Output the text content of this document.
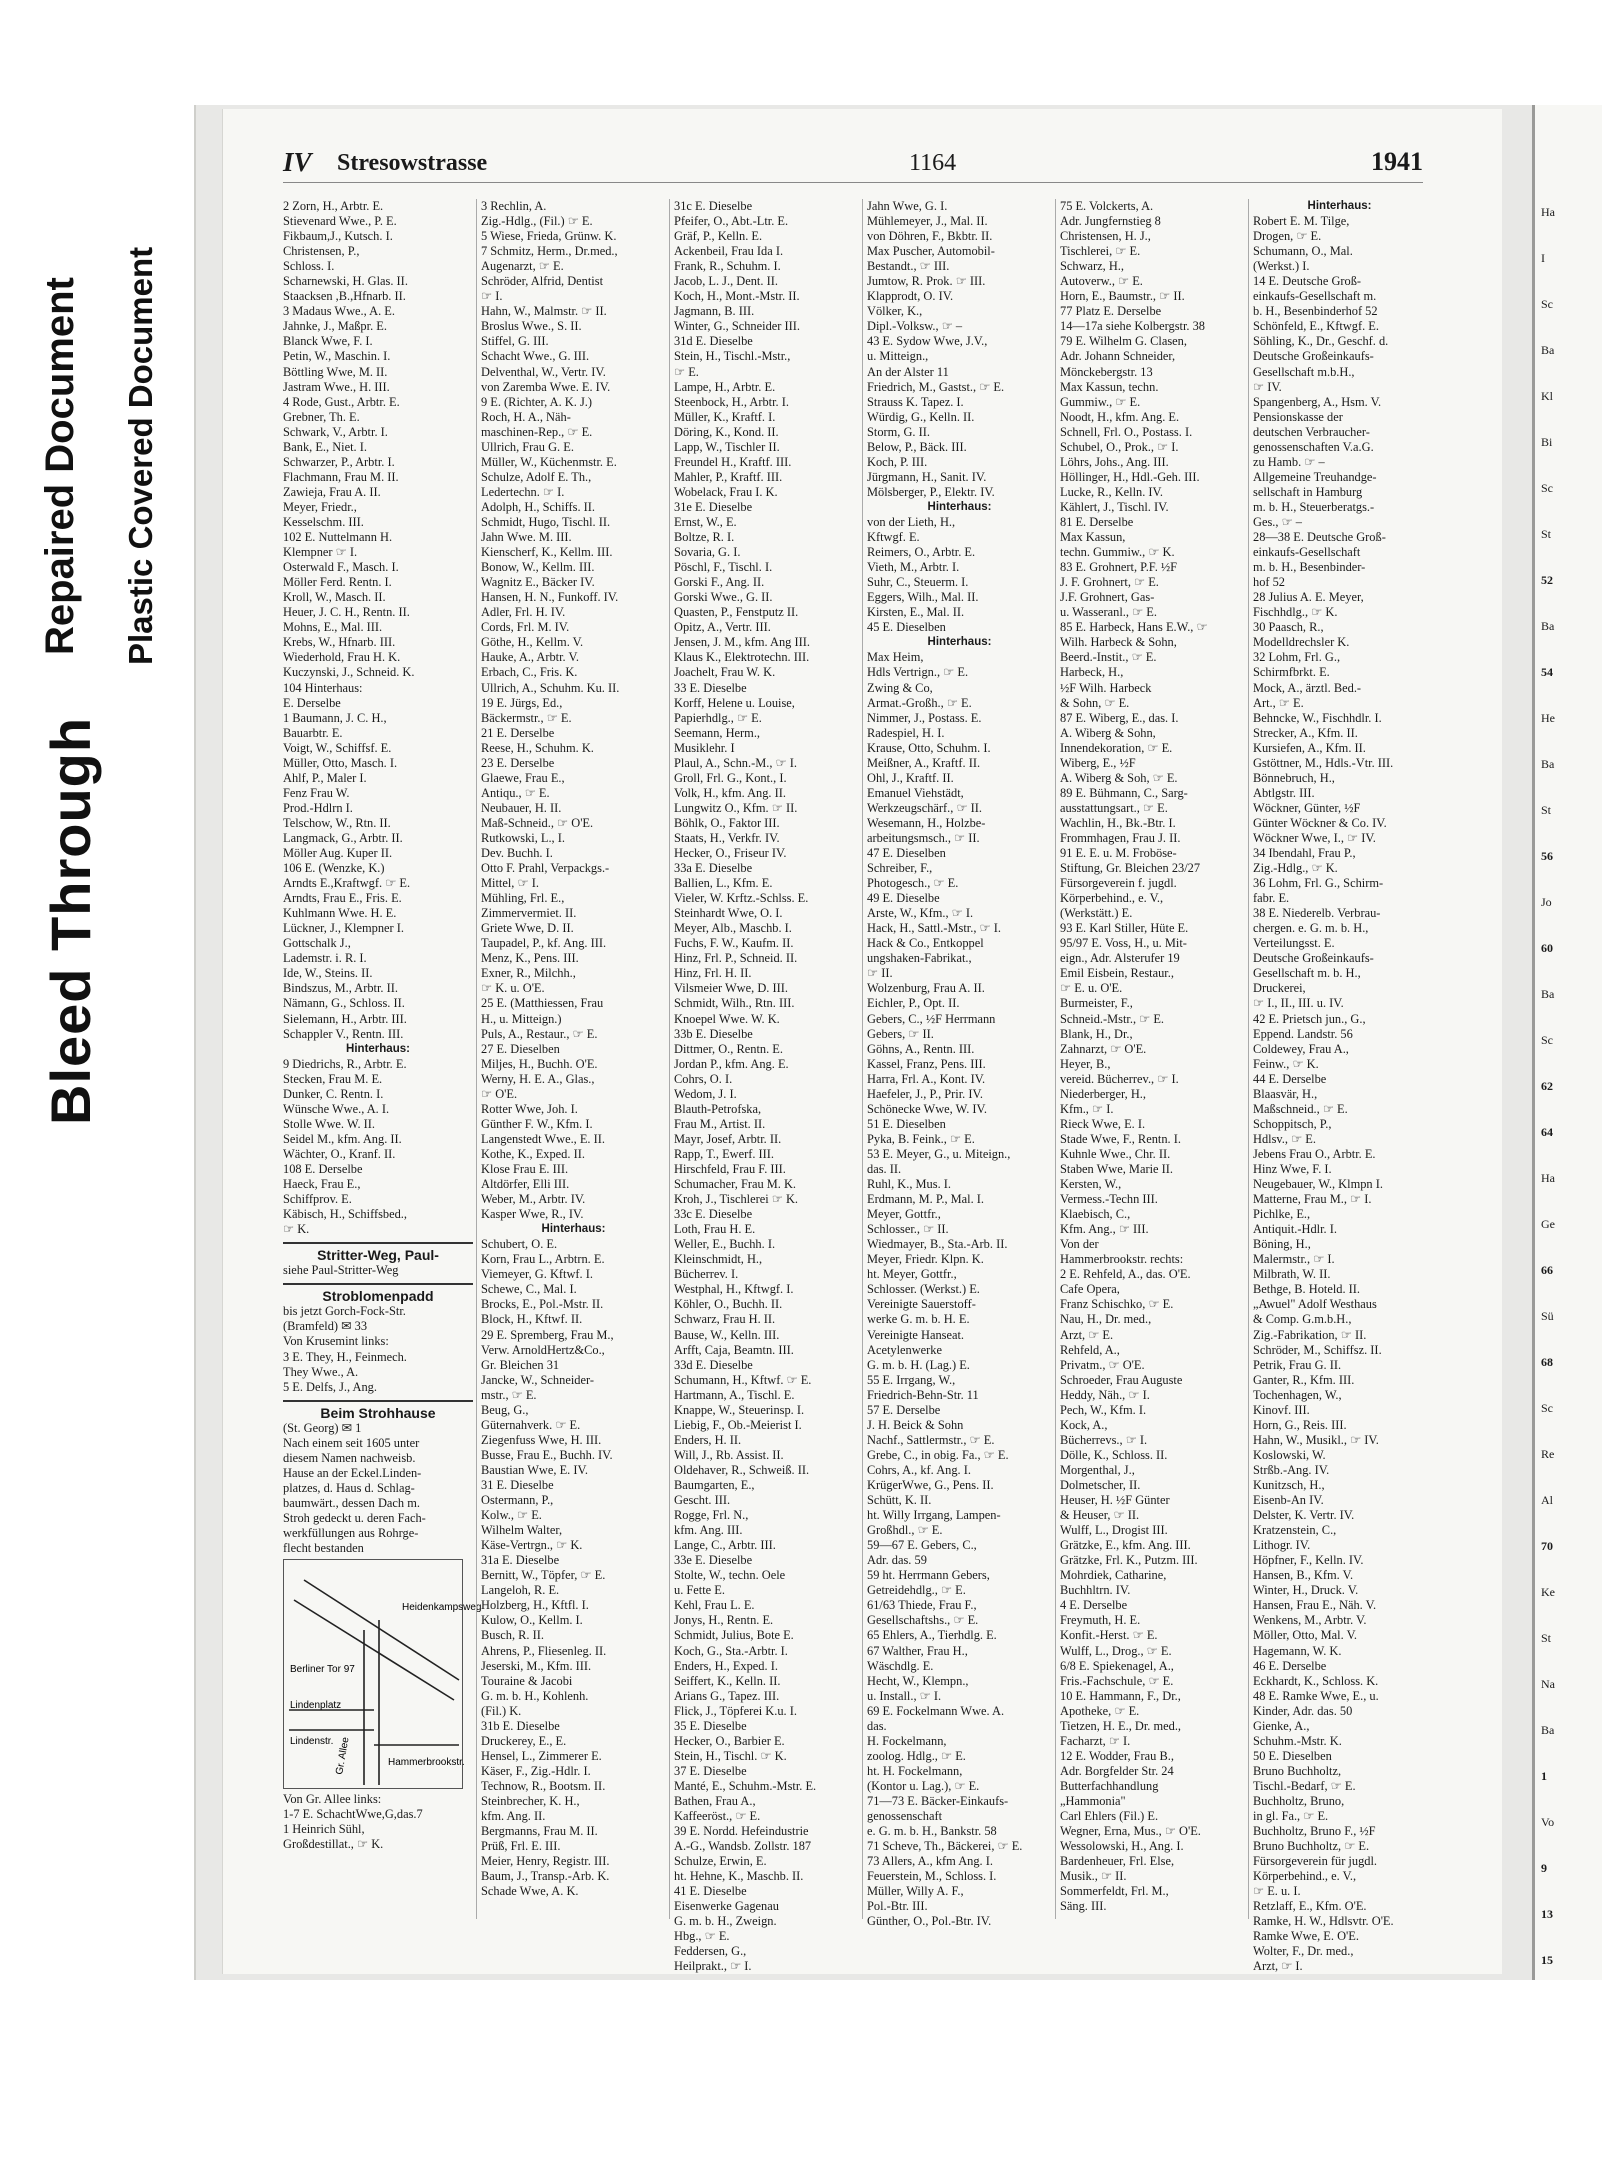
Bleed Through
Repaired Document Plastic Covered Document
IV Stresowstrasse	1164	1941
2 Zorn, H., Arbtr. E.
Stievenard Wwe., P. E.
Fikbaum,J., Kutsch. I.
Christensen, P.,
Schloss. I.
Scharnewski, H. Glas. II.
Staacksen ,B.,Hfnarb. II.
3 Madaus Wwe., A. E.
Jahnke, J., Maßpr. E.
Blanck Wwe, F. I.
Petin, W., Maschin. I.
Böttling Wwe, M. II.
Jastram Wwe., H. III.
4 Rode, Gust., Arbtr. E.
Grebner, Th. E.
Schwark, V., Arbtr. I.
Bank, E., Niet. I.
Schwarzer, P., Arbtr. I.
Flachmann, Frau M. II.
Zawieja, Frau A. II.
Meyer, Friedr.,
Kesselschm. III.
102 E. Nuttelmann H.
Klempner ☞ I.
Osterwald F., Masch. I.
Möller Ferd. Rentn. I.
Kroll, W., Masch. II.
Heuer, J. C. H., Rentn. II.
Mohns, E., Mal. III.
Krebs, W., Hfnarb. III.
Wiederhold, Frau H. K.
Kuczynski, J., Schneid. K.
104 Hinterhaus:
E. Derselbe
1 Baumann, J. C. H.,
Bauarbtr. E.
Voigt, W., Schiffsf. E.
Müller, Otto, Masch. I.
Ahlf, P., Maler I.
Fenz Frau W.
Prod.-Hdlrn I.
Telschow, W., Rtn. II.
Langmack, G., Arbtr. II.
Möller Aug. Kuper II.
106 E. (Wenzke, K.)
Arndts E.,Kraftwgf. ☞ E.
Arndts, Frau E., Fris. E.
Kuhlmann Wwe. H. E.
Lückner, J., Klempner I.
Gottschalk J.,
Lademstr. i. R. I.
Ide, W., Steins. II.
Bindszus, M., Arbtr. II.
Nämann, G., Schloss. II.
Sielemann, H., Arbtr. III.
Schappler V., Rentn. III.
Hinterhaus:
9 Diedrichs, R., Arbtr. E.
Stecken, Frau M. E.
Dunker, C. Rentn. I.
Wünsche Wwe., A. I.
Stolle Wwe. W. II.
Seidel M., kfm. Ang. II.
Wächter, O., Kranf. II.
108 E. Derselbe
Haeck, Frau E.,
Schiffprov. E.
Käbisch, H., Schiffsbed.,
☞ K.
Stritter-Weg, Paul-
siehe Paul-Stritter-Weg
Stroblomenpadd
bis jetzt Gorch-Fock-Str.
(Bramfeld) ✉ 33
Von Krusemint links:
3 E. They, H., Feinmech.
They Wwe., A.
5 E. Delfs, J., Ang.
Beim Strohhause
(St. Georg) ✉ 1
Nach einem seit 1605 unter
diesem Namen nachweisb.
Hause an der Eckel.Linden-
platzes, d. Haus d. Schlag-
baumwärt., dessen Dach m.
Stroh gedeckt u. deren Fach-
werkfüllungen aus Rohrge-
flecht bestanden
Lindenplatz
Lindenstr. Gr. Allee
Berliner Tor 97
Heidenkampsweg
Hammerbrookstr.
Von Gr. Allee links:
1-7 E. SchachtWwe,G,das.7
1 Heinrich Sühl,
Großdestillat., ☞ K.
3 Rechlin, A.
Zig.-Hdlg., (Fil.) ☞ E.
5 Wiese, Frieda, Grünw. K.
7 Schmitz, Herm., Dr.med.,
Augenarzt, ☞ E.
Schröder, Alfrid, Dentist
☞ I.
Hahn, W., Malmstr. ☞ II.
Broslus Wwe., S. II.
Stiffel, G. III.
Schacht Wwe., G. III.
Delventhal, W., Vertr. IV.
von Zaremba Wwe. E. IV.
9 E. (Richter, A. K. J.)
Roch, H. A., Näh-
maschinen-Rep., ☞ E.
Ullrich, Frau G. E.
Müller, W., Küchenmstr. E.
Schulze, Adolf E. Th.,
Ledertechn. ☞ I.
Adolph, H., Schiffs. II.
Schmidt, Hugo, Tischl. II.
Jahn Wwe. M. III.
Kienscherf, K., Kellm. III.
Bonow, W., Kellm. III.
Wagnitz E., Bäcker IV.
Hansen, H. N., Funkoff. IV.
Adler, Frl. H. IV.
Cords, Frl. M. IV.
Göthe, H., Kellm. V.
Hauke, A., Arbtr. V.
Erbach, C., Fris. K.
Ullrich, A., Schuhm. Ku. II.
19 E. Jürgs, Ed.,
Bäckermstr., ☞ E.
21 E. Derselbe
Reese, H., Schuhm. K.
23 E. Derselbe
Glaewe, Frau E.,
Antiqu., ☞ E.
Neubauer, H. II.
Maß-Schneid., ☞ O'E.
Rutkowski, L., I.
Dev. Buchh. I.
Otto F. Prahl, Verpackgs.-
Mittel, ☞ I.
Mühling, Frl. E.,
Zimmervermiet. II.
Griete Wwe, D. II.
Taupadel, P., kf. Ang. III.
Menz, K., Pens. III.
Exner, R., Milchh.,
☞ K. u. O'E.
25 E. (Matthiessen, Frau
H., u. Mitteign.)
Puls, A., Restaur., ☞ E.
27 E. Dieselben
Miljes, H., Buchh. O'E.
Werny, H. E. A., Glas.,
☞ O'E.
Rotter Wwe, Joh. I.
Günther F. W., Kfm. I.
Langenstedt Wwe., E. II.
Kothe, K., Exped. II.
Klose Frau E. III.
Altdörfer, Elli III.
Weber, M., Arbtr. IV.
Kasper Wwe, R., IV.
Hinterhaus:
Schubert, O. E.
Korn, Frau L., Arbtrn. E.
Viemeyer, G. Kftwf. I.
Schewe, C., Mal. I.
Brocks, E., Pol.-Mstr. II.
Block, H., Kftwf. II.
29 E. Spremberg, Frau M.,
Verw. ArnoldHertz&Co.,
Gr. Bleichen 31
Jancke, W., Schneider-
mstr., ☞ E.
Beug, G.,
Güternahverk. ☞ E.
Ziegenfuss Wwe, H. III.
Busse, Frau E., Buchh. IV.
Baustian Wwe, E. IV.
31 E. Dieselbe
Ostermann, P.,
Kolw., ☞ E.
Wilhelm Walter,
Käse-Vertrgn., ☞ K.
31a E. Dieselbe
Bernitt, W., Töpfer, ☞ E.
Langeloh, R. E.
Holzberg, H., Kftfl. I.
Kulow, O., Kellm. I.
Busch, R. II.
Ahrens, P., Fliesenleg. II.
Jeserski, M., Kfm. III.
Touraine & Jacobi
G. m. b. H., Kohlenh.
(Fil.) K.
31b E. Dieselbe
Druckerey, E., E.
Hensel, L., Zimmerer E.
Käser, F., Zig.-Hdlr. I.
Technow, R., Bootsm. II.
Steinbrecher, K. H.,
kfm. Ang. II.
Bergmanns, Frau M. II.
Prüß, Frl. E. III.
Meier, Henry, Registr. III.
Baum, J., Transp.-Arb. K.
Schade Wwe, A. K.
31c E. Dieselbe
Pfeifer, O., Abt.-Ltr. E.
Gräf, P., Kelln. E.
Ackenbeil, Frau Ida I.
Frank, R., Schuhm. I.
Jacob, L. J., Dent. II.
Koch, H., Mont.-Mstr. II.
Jagmann, B. III.
Winter, G., Schneider III.
31d E. Dieselbe
Stein, H., Tischl.-Mstr.,
☞ E.
Lampe, H., Arbtr. E.
Steenbock, H., Arbtr. I.
Müller, K., Kraftf. I.
Döring, K., Kond. II.
Lapp, W., Tischler II.
Freundel H., Kraftf. III.
Mahler, P., Kraftf. III.
Wobelack, Frau I. K.
31e E. Dieselbe
Ernst, W., E.
Boltze, R. I.
Sovaria, G. I.
Pöschl, F., Tischl. I.
Gorski F., Ang. II.
Gorski Wwe., G. II.
Quasten, P., Fenstputz II.
Opitz, A., Vertr. III.
Jensen, J. M., kfm. Ang III.
Klaus K., Elektrotechn. III.
Joachelt, Frau W. K.
33 E. Dieselbe
Korff, Helene u. Louise,
Papierhdlg., ☞ E.
Seemann, Herm.,
Musiklehr. I
Plaul, A., Schn.-M., ☞ I.
Groll, Frl. G., Kont., I.
Volk, H., kfm. Ang. II.
Lungwitz O., Kfm. ☞ II.
Böhlk, O., Faktor III.
Staats, H., Verkfr. IV.
Hecker, O., Friseur IV.
33a E. Dieselbe
Ballien, L., Kfm. E.
Vieler, W. Krftz.-Schlss. E.
Steinhardt Wwe, O. I.
Meyer, Alb., Maschb. I.
Fuchs, F. W., Kaufm. II.
Hinz, Frl. P., Schneid. II.
Hinz, Frl. H. II.
Vilsmeier Wwe, D. III.
Schmidt, Wilh., Rtn. III.
Knoepel Wwe. W. K.
33b E. Dieselbe
Dittmer, O., Rentn. E.
Jordan P., kfm. Ang. E.
Cohrs, O. I.
Wedom, J. I.
Blauth-Petrofska,
Frau M., Artist. II.
Mayr, Josef, Arbtr. II.
Rapp, T., Ewerf. III.
Hirschfeld, Frau F. III.
Schumacher, Frau M. K.
Kroh, J., Tischlerei ☞ K.
33c E. Dieselbe
Loth, Frau H. E.
Weller, E., Buchh. I.
Kleinschmidt, H.,
Bücherrev. I.
Westphal, H., Kftwgf. I.
Köhler, O., Buchh. II.
Schwarz, Frau H. II.
Bause, W., Kelln. III.
Arfft, Caja, Beamtn. III.
33d E. Dieselbe
Schumann, H., Kftwf. ☞ E.
Hartmann, A., Tischl. E.
Knappe, W., Steuerinsp. I.
Liebig, F., Ob.-Meierist I.
Enders, H. II.
Will, J., Rb. Assist. II.
Oldehaver, R., Schweiß. II.
Baumgarten, E.,
Gescht. III.
Rogge, Frl. N.,
kfm. Ang. III.
Lange, C., Arbtr. III.
33e E. Dieselbe
Stolte, W., techn. Oele
u. Fette E.
Kehl, Frau L. E.
Jonys, H., Rentn. E.
Schmidt, Julius, Bote E.
Koch, G., Sta.-Arbtr. I.
Enders, H., Exped. I.
Seiffert, K., Kelln. II.
Arians G., Tapez. III.
Flick, J., Töpferei K.u. I.
35 E. Dieselbe
Hecker, O., Barbier E.
Stein, H., Tischl. ☞ K.
37 E. Dieselbe
Manté, E., Schuhm.-Mstr. E.
Bathen, Frau A.,
Kaffeeröst., ☞ E.
39 E. Nordd. Hefeindustrie
A.-G., Wandsb. Zollstr. 187
Schulze, Erwin, E.
ht. Hehne, K., Maschb. II.
41 E. Dieselbe
Eisenwerke Gagenau
G. m. b. H., Zweign.
Hbg., ☞ E.
Feddersen, G.,
Heilprakt., ☞ I.
Jahn Wwe, G. I.
Mühlemeyer, J., Mal. II.
von Döhren, F., Bkbtr. II.
Max Puscher, Automobil-
Bestandt., ☞ III.
Jumtow, R. Prok. ☞ III.
Klapprodt, O. IV.
Völker, K.,
Dipl.-Volksw., ☞ –
43 E. Sydow Wwe, J.V.,
u. Mitteign.,
An der Alster 11
Friedrich, M., Gastst., ☞ E.
Strauss K. Tapez. I.
Würdig, G., Kelln. II.
Storm, G. II.
Below, P., Bäck. III.
Koch, P. III.
Jürgmann, H., Sanit. IV.
Mölsberger, P., Elektr. IV.
Hinterhaus:
von der Lieth, H.,
Kftwgf. E.
Reimers, O., Arbtr. E.
Vieth, M., Arbtr. I.
Suhr, C., Steuerm. I.
Eggers, Wilh., Mal. II.
Kirsten, E., Mal. II.
45 E. Dieselben
Hinterhaus:
Max Heim,
Hdls Vertrign., ☞ E.
Zwing & Co,
Armat.-Großh., ☞ E.
Nimmer, J., Postass. E.
Radespiel, H. I.
Krause, Otto, Schuhm. I.
Meißner, A., Kraftf. II.
Ohl, J., Kraftf. II.
Emanuel Viehstädt,
Werkzeugschärf., ☞ II.
Wesemann, H., Holzbe-
arbeitungsmsch., ☞ II.
47 E. Dieselben
Schreiber, F.,
Photogesch., ☞ E.
49 E. Dieselbe
Arste, W., Kfm., ☞ I.
Hack, H., Sattl.-Mstr., ☞ I.
Hack & Co., Entkoppel
ungshaken-Fabrikat.,
☞ II.
Wolzenburg, Frau A. II.
Eichler, P., Opt. II.
Gebers, C., ½F Herrmann
Gebers, ☞ II.
Göhns, A., Rentn. III.
Kassel, Franz, Pens. III.
Harra, Frl. A., Kont. IV.
Haefeler, J., P., Prir. IV.
Schönecke Wwe, W. IV.
51 E. Dieselben
Pyka, B. Feink., ☞ E.
53 E. Meyer, G., u. Miteign.,
das. II.
Ruhl, K., Mus. I.
Erdmann, M. P., Mal. I.
Meyer, Gottfr.,
Schlosser., ☞ II.
Wiedmayer, B., Sta.-Arb. II.
Meyer, Friedr. Klpn. K.
ht. Meyer, Gottfr.,
Schlosser. (Werkst.) E.
Vereinigte Sauerstoff-
werke G. m. b. H. E.
Vereinigte Hanseat.
Acetylenwerke
G. m. b. H. (Lag.) E.
55 E. Irrgang, W.,
Friedrich-Behn-Str. 11
57 E. Derselbe
J. H. Beick & Sohn
Nachf., Sattlermstr., ☞ E.
Grebe, C., in obig. Fa., ☞ E.
Cohrs, A., kf. Ang. I.
KrügerWwe, G., Pens. II.
Schütt, K. II.
ht. Willy Irrgang, Lampen-
Großhdl., ☞ E.
59—67 E. Gebers, C.,
Adr. das. 59
59 ht. Herrmann Gebers,
Getreidehdlg., ☞ E.
61/63 Thiede, Frau F.,
Gesellschaftshs., ☞ E.
65 Ehlers, A., Tierhdlg. E.
67 Walther, Frau H.,
Wäschdlg. E.
Hecht, W., Klempn.,
u. Install., ☞ I.
69 E. Fockelmann Wwe. A.
das.
H. Fockelmann,
zoolog. Hdlg., ☞ E.
ht. H. Fockelmann,
(Kontor u. Lag.), ☞ E.
71—73 E. Bäcker-Einkaufs-
genossenschaft
e. G. m. b. H., Bankstr. 58
71 Scheve, Th., Bäckerei, ☞ E.
73 Allers, A., kfm Ang. I.
Feuerstein, M., Schloss. I.
Müller, Willy A. F.,
Pol.-Btr. III.
Günther, O., Pol.-Btr. IV.
75 E. Volckerts, A.
Adr. Jungfernstieg 8
Christensen, H. J.,
Tischlerei, ☞ E.
Schwarz, H.,
Autoverw., ☞ E.
Horn, E., Baumstr., ☞ II.
77 Platz E. Derselbe
14—17a siehe Kolbergstr. 38
79 E. Wilhelm G. Clasen,
Adr. Johann Schneider,
Mönckebergstr. 13
Max Kassun, techn.
Gummiw., ☞ E.
Noodt, H., kfm. Ang. E.
Schnell, Frl. O., Postass. I.
Schubel, O., Prok., ☞ I.
Löhrs, Johs., Ang. III.
Höllinger, H., Hdl.-Geh. III.
Lucke, R., Kelln. IV.
Kählert, J., Tischl. IV.
81 E. Derselbe
Max Kassun,
techn. Gummiw., ☞ K.
83 E. Grohnert, P.F. ½F
J. F. Grohnert, ☞ E.
J.F. Grohnert, Gas-
u. Wasseranl., ☞ E.
85 E. Harbeck, Hans E.W., ☞
Wilh. Harbeck & Sohn,
Beerd.-Instit., ☞ E.
Harbeck, H.,
½F Wilh. Harbeck
& Sohn, ☞ E.
87 E. Wiberg, E., das. I.
A. Wiberg & Sohn,
Innendekoration, ☞ E.
Wiberg, E., ½F
A. Wiberg & Soh, ☞ E.
89 E. Bühmann, C., Sarg-
ausstattungsart., ☞ E.
Wachlin, H., Bk.-Btr. I.
Frommhagen, Frau J. II.
91 E. E. u. M. Froböse-
Stiftung, Gr. Bleichen 23/27
Fürsorgeverein f. jugdl.
Körperbehind., e. V.,
(Werkstätt.) E.
93 E. Karl Stiller, Hüte E.
95/97 E. Voss, H., u. Mit-
eign., Adr. Alsterufer 19
Emil Eisbein, Restaur.,
☞ E. u. O'E.
Burmeister, F.,
Schneid.-Mstr., ☞ E.
Blank, H., Dr.,
Zahnarzt, ☞ O'E.
Heyer, B.,
vereid. Bücherrev., ☞ I.
Niederberger, H.,
Kfm., ☞ I.
Rieck Wwe, E. I.
Stade Wwe, F., Rentn. I.
Kuhnle Wwe., Chr. II.
Staben Wwe, Marie II.
Kersten, W.,
Vermess.-Techn III.
Klaebisch, C.,
Kfm. Ang., ☞ III.
Von der
Hammerbrookstr. rechts:
2 E. Rehfeld, A., das. O'E.
Cafe Opera,
Franz Schischko, ☞ E.
Nau, H., Dr. med.,
Arzt, ☞ E.
Rehfeld, A.,
Privatm., ☞ O'E.
Schroeder, Frau Auguste
Heddy, Näh., ☞ I.
Pech, W., Kfm. I.
Kock, A.,
Bücherrevs., ☞ I.
Dölle, K., Schloss. II.
Morgenthal, J.,
Dolmetscher, II.
Heuser, H. ½F Günter
& Heuser, ☞ II.
Wulff, L., Drogist III.
Grätzke, E., kfm. Ang. III.
Grätzke, Frl. K., Putzm. III.
Mohrdiek, Catharine,
Buchhltrn. IV.
4 E. Derselbe
Freymuth, H. E.
Konfit.-Herst. ☞ E.
Wulff, L., Drog., ☞ E.
6/8 E. Spiekenagel, A.,
Fris.-Fachschule, ☞ E.
10 E. Hammann, F., Dr.,
Apotheke, ☞ E.
Tietzen, H. E., Dr. med.,
Facharzt, ☞ I.
12 E. Wodder, Frau B.,
Adr. Borgfelder Str. 24
Butterfachhandlung
„Hammonia"
Carl Ehlers (Fil.) E.
Wegner, Erna, Mus., ☞ O'E.
Wessolowski, H., Ang. I.
Bardenheuer, Frl. Else,
Musik., ☞ II.
Sommerfeldt, Frl. M.,
Säng. III.
Hinterhaus:
Robert E. M. Tilge,
Drogen, ☞ E.
Schumann, O., Mal.
(Werkst.) I.
14 E. Deutsche Groß-
einkaufs-Gesellschaft m.
b. H., Besenbinderhof 52
Schönfeld, E., Kftwgf. E.
Söhling, K., Dr., Geschf. d.
Deutsche Großeinkaufs-
Gesellschaft m.b.H.,
☞ IV.
Spangenberg, A., Hsm. V.
Pensionskasse der
deutschen Verbraucher-
genossenschaften V.a.G.
zu Hamb. ☞ –
Allgemeine Treuhandge-
sellschaft in Hamburg
m. b. H., Steuerberatgs.-
Ges., ☞ –
28—38 E. Deutsche Groß-
einkaufs-Gesellschaft
m. b. H., Besenbinder-
hof 52
28 Julius A. E. Meyer,
Fischhdlg., ☞ K.
30 Paasch, R.,
Modelldrechsler K.
32 Lohm, Frl. G.,
Schirmfbrkt. E.
Mock, A., ärztl. Bed.-
Art., ☞ E.
Behncke, W., Fischhdlr. I.
Strecker, A., Kfm. II.
Kursiefen, A., Kfm. II.
Gstöttner, M., Hdls.-Vtr. III.
Bönnebruch, H.,
Abtlgstr. III.
Wöckner, Günter, ½F
Günter Wöckner & Co. IV.
Wöckner Wwe, I., ☞ IV.
34 Ibendahl, Frau P.,
Zig.-Hdlg., ☞ K.
36 Lohm, Frl. G., Schirm-
fabr. E.
38 E. Niederelb. Verbrau-
chergen. e. G. m. b. H.,
Verteilungsst. E.
Deutsche Großeinkaufs-
Gesellschaft m. b. H.,
Druckerei,
☞ I., II., III. u. IV.
42 E. Prietsch jun., G.,
Eppend. Landstr. 56
Coldewey, Frau A.,
Feinw., ☞ K.
44 E. Derselbe
Blaasvär, H.,
Maßschneid., ☞ E.
Schoppitsch, P.,
Hdlsv., ☞ E.
Jebens Frau O., Arbtr. E.
Hinz Wwe, F. I.
Neugebauer, W., Klmpn I.
Matterne, Frau M., ☞ I.
Pichlke, E.,
Antiquit.-Hdlr. I.
Böning, H.,
Malermstr., ☞ I.
Milbrath, W. II.
Bethge, B. Hoteld. II.
„Awuel" Adolf Westhaus
& Comp. G.m.b.H.,
Zig.-Fabrikation, ☞ II.
Schröder, M., Schiffsz. II.
Petrik, Frau G. II.
Ganter, R., Kfm. III.
Tochenhagen, W.,
Kinovf. III.
Horn, G., Reis. III.
Hahn, W., Musikl., ☞ IV.
Koslowski, W.
Strßb.-Ang. IV.
Kunitzsch, H.,
Eisenb-An IV.
Delster, K. Vertr. IV.
Kratzenstein, C.,
Lithogr. IV.
Höpfner, F., Kelln. IV.
Hansen, B., Kfm. V.
Winter, H., Druck. V.
Hansen, Frau E., Näh. V.
Wenkens, M., Arbtr. V.
Möller, Otto, Mal. V.
Hagemann, W. K.
46 E. Derselbe
Eckhardt, K., Schloss. K.
48 E. Ramke Wwe, E., u.
Kinder, Adr. das. 50
Gienke, A.,
Schuhm.-Mstr. K.
50 E. Dieselben
Bruno Buchholtz,
Tischl.-Bedarf, ☞ E.
Buchholtz, Bruno,
in gl. Fa., ☞ E.
Buchholtz, Bruno F., ½F
Bruno Buchholtz, ☞ E.
Fürsorgeverein für jugdl.
Körperbehind., e. V.,
☞ E. u. I.
Retzlaff, E., Kfm. O'E.
Ramke, H. W., Hdlsvtr. O'E.
Ramke Wwe, E. O'E.
Wolter, F., Dr. med.,
Arzt, ☞ I.
Ha
I
Sc
Ba
Kl
Bi
Sc
St
52
Ba
54
He
Ba
St
56
Jo
60
Ba
Sc
62
64
Ha
Ge
66
Sü
68
Sc
Re
Al
70
Ke
St
Na
Ba
1
Vo
9
13
15
